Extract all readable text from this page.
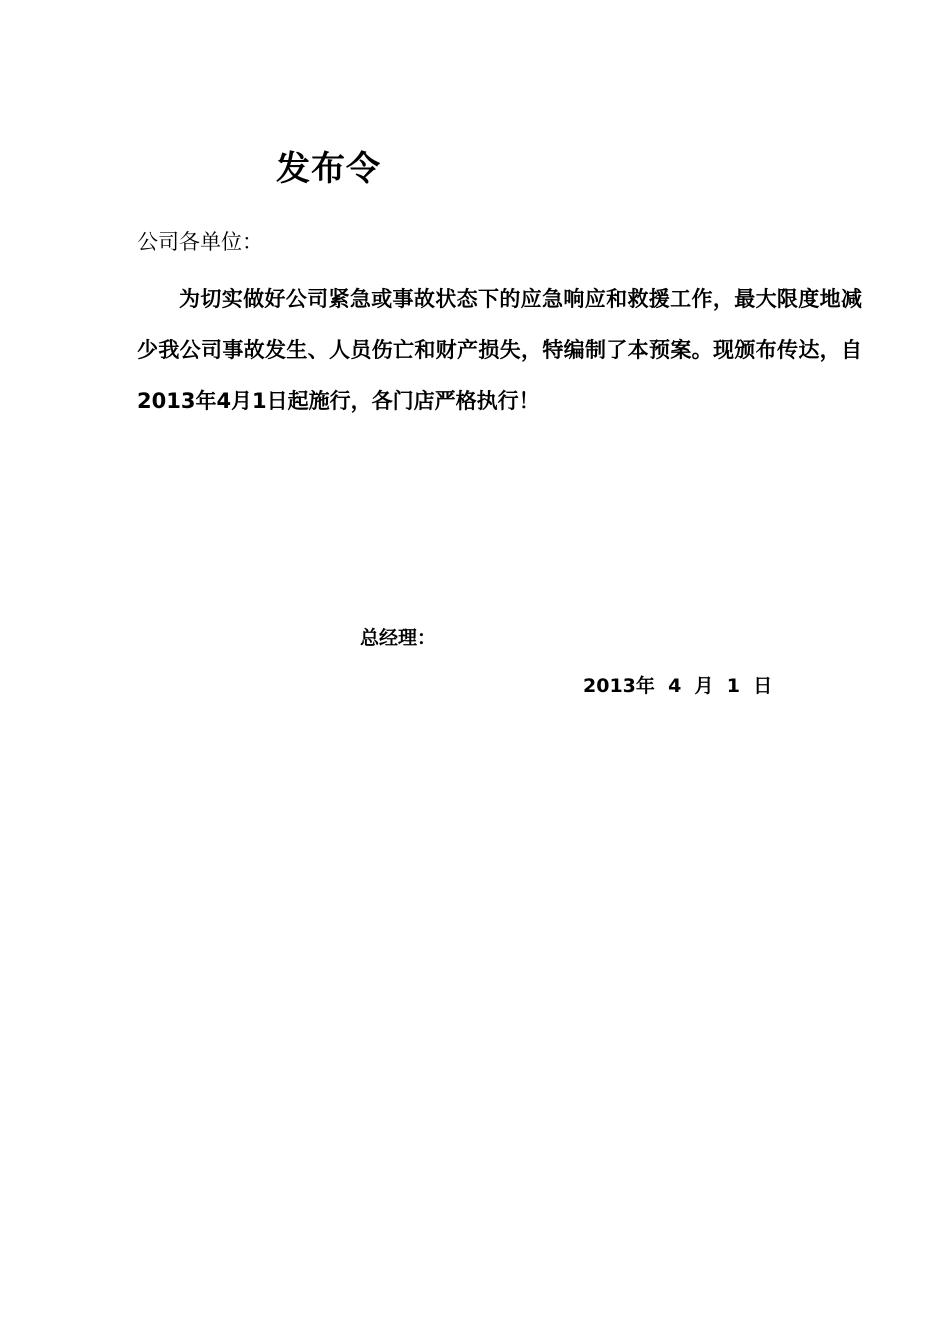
发布令
公司各单位：

为切实做好公司紧急或事故状态下的应急响应和救援工作，最大限度地减少我公司事故发生、人员伤亡和财产损失，特编制了本预案。现颁布传达，自2013年4月1日起施行，各门店严格执行！

总经理：
2013年  4  月  1  日
